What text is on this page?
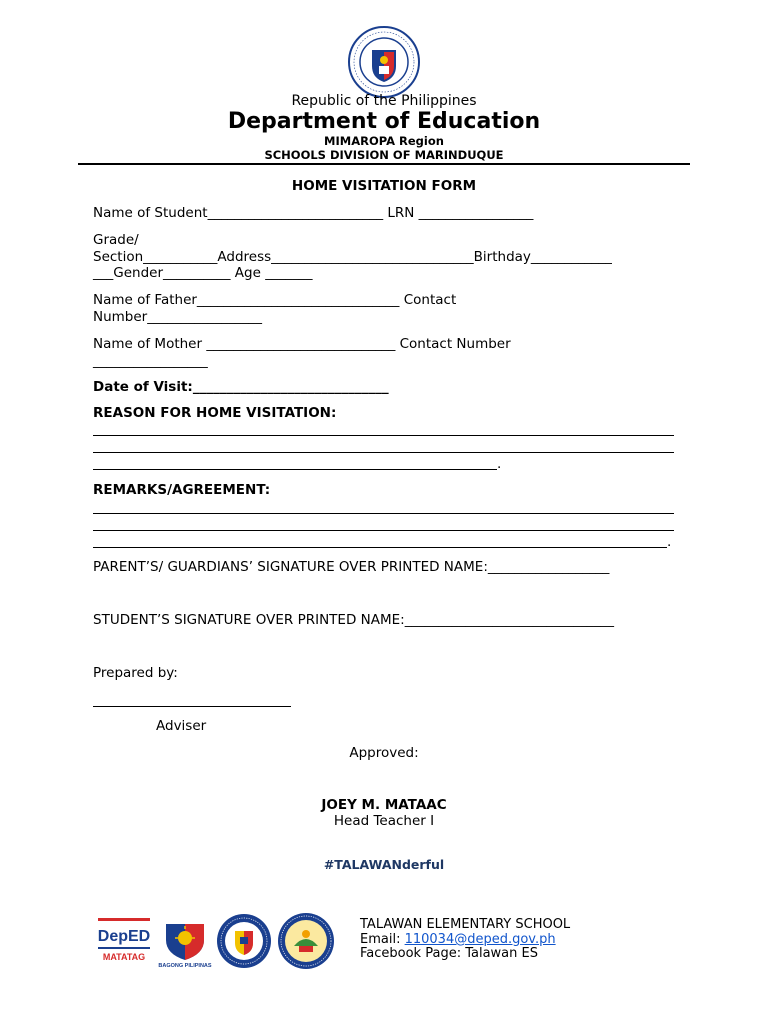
Republic of the Philippines
Department of Education
MIMAROPA Region
SCHOOLS DIVISION OF MARINDUQUE
HOME VISITATION FORM
Name of Student__________________________ LRN _________________
Grade/
Section___________Address______________________________Birthday____________
___Gender__________ Age _______
Name of Father______________________________ Contact
Number_________________
Name of Mother ____________________________ Contact Number
_________________
Date of Visit:_____________________________
REASON FOR HOME VISITATION:
.
REMARKS/AGREEMENT:
.
PARENT’S/ GUARDIANS’ SIGNATURE OVER PRINTED NAME:__________________
STUDENT’S SIGNATURE OVER PRINTED NAME:_______________________________
Prepared by:
Adviser
Approved:
JOEY M. MATAAC
Head Teacher I
#TALAWANderful
DepED
MATATAG
BAGONG PILIPINAS
TALAWAN ELEMENTARY SCHOOL
Email: 110034@deped.gov.ph
Facebook Page: Talawan ES
